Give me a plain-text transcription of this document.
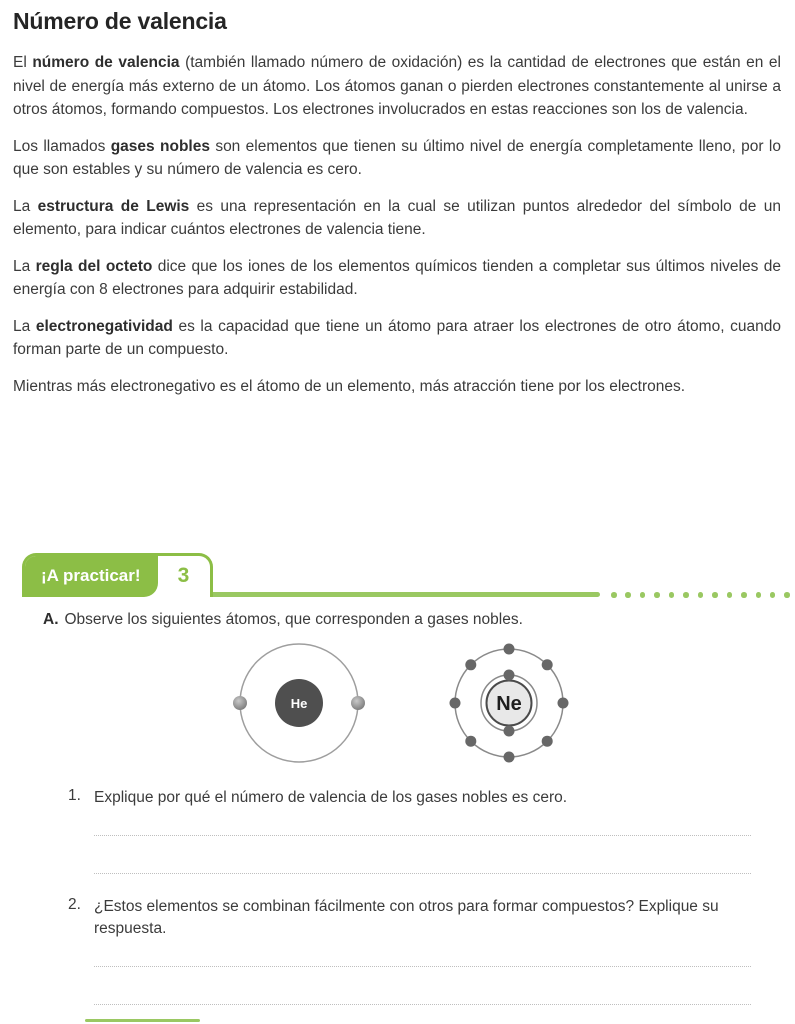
Número de valencia

El número de valencia (también llamado número de oxidación) es la cantidad de electrones que están en el nivel de energía más externo de un átomo. Los átomos ganan o pierden electrones constantemente al unirse a otros átomos, formando compuestos. Los electrones involucrados en estas reacciones son los de valencia.

Los llamados gases nobles son elementos que tienen su último nivel de energía completamente lleno, por lo que son estables y su número de valencia es cero.

La estructura de Lewis es una representación en la cual se utilizan puntos alrededor del símbolo de un elemento, para indicar cuántos electrones de valencia tiene.

La regla del octeto dice que los iones de los elementos químicos tienden a completar sus últimos niveles de energía con 8 electrones para adquirir estabilidad.

La electronegatividad es la capacidad que tiene un átomo para atraer los electrones de otro átomo, cuando forman parte de un compuesto.

Mientras más electronegativo es el átomo de un elemento, más atracción tiene por los electrones.

¡A practicar! 3
A. Observe los siguientes átomos, que corresponden a gases nobles.
He	Ne
1. Explique por qué el número de valencia de los gases nobles es cero.
2. ¿Estos elementos se combinan fácilmente con otros para formar compuestos? Explique su respuesta.
